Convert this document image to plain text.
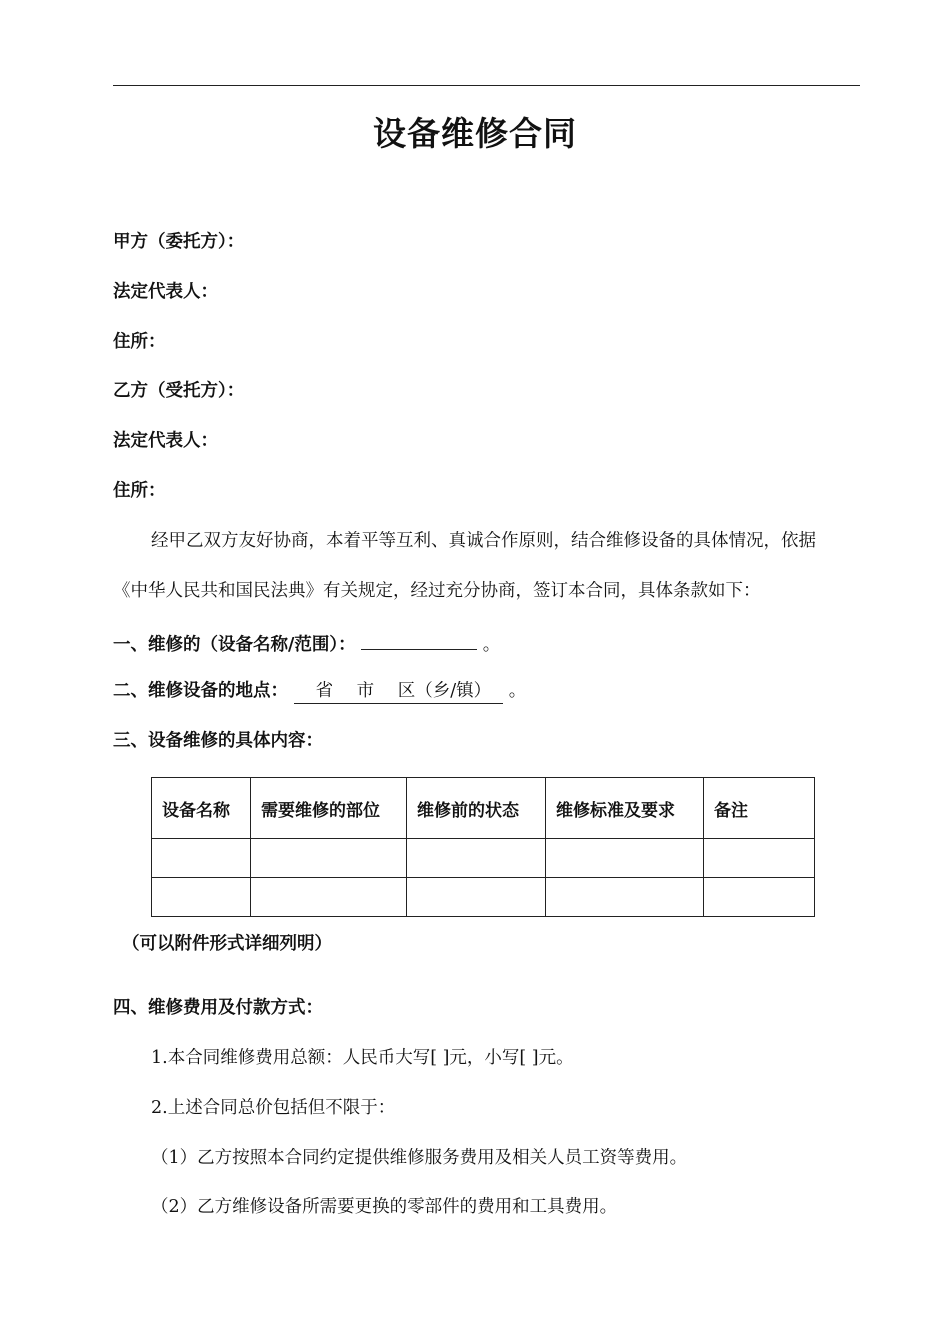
设备维修合同
甲方（委托方）：
法定代表人：
住所：
乙方（受托方）：
法定代表人：
住所：
经甲乙双方友好协商，本着平等互利、真诚合作原则，结合维修设备的具体情况，依据
《中华人民共和国民法典》有关规定，经过充分协商，签订本合同，具体条款如下：
一、维修的（设备名称/范围）：	。
二、维修设备的地点： 省 市 区（乡/镇） 。
三、设备维修的具体内容：
设备名称	需要维修的部位	维修前的状态	维修标准及要求	备注

（可以附件形式详细列明）
四、维修费用及付款方式：
1.本合同维修费用总额：人民币大写[ ]元，小写[ ]元。
2.上述合同总价包括但不限于：
（1）乙方按照本合同约定提供维修服务费用及相关人员工资等费用。
（2）乙方维修设备所需要更换的零部件的费用和工具费用。
